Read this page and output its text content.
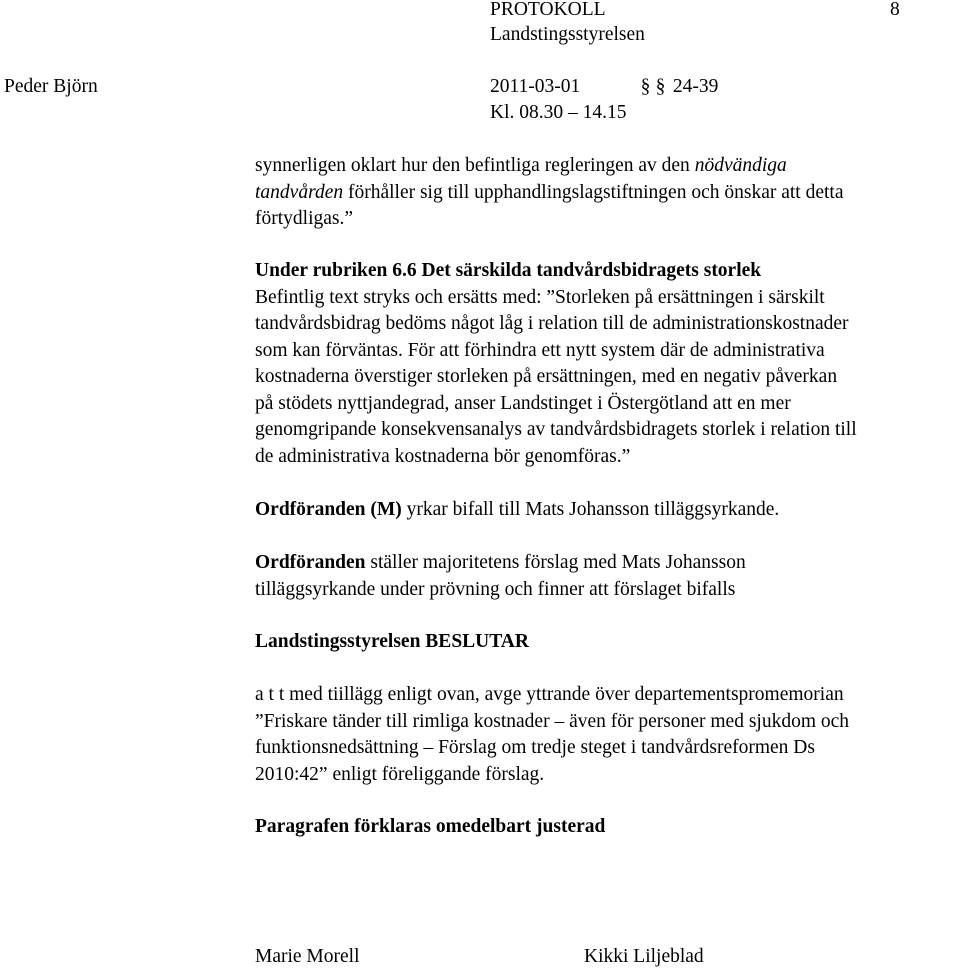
PROTOKOLL	8
Landstingsstyrelsen
Peder Björn	2011-03-01	§ § 24-39
Kl. 08.30 – 14.15
synnerligen oklart hur den befintliga regleringen av den nödvändiga
tandvården förhåller sig till upphandlingslagstiftningen och önskar att detta
förtydligas.”
Under rubriken 6.6 Det särskilda tandvårdsbidragets storlek
Befintlig text stryks och ersätts med: ”Storleken på ersättningen i särskilt
tandvårdsbidrag bedöms något låg i relation till de administrationskostnader
som kan förväntas. För att förhindra ett nytt system där de administrativa
kostnaderna överstiger storleken på ersättningen, med en negativ påverkan
på stödets nyttjandegrad, anser Landstinget i Östergötland att en mer
genomgripande konsekvensanalys av tandvårdsbidragets storlek i relation till
de administrativa kostnaderna bör genomföras.”
Ordföranden (M) yrkar bifall till Mats Johansson tilläggsyrkande.
Ordföranden ställer majoritetens förslag med Mats Johansson
tilläggsyrkande under prövning och finner att förslaget bifalls
Landstingsstyrelsen BESLUTAR
a t t med tiillägg enligt ovan, avge yttrande över departementspromemorian
”Friskare tänder till rimliga kostnader – även för personer med sjukdom och
funktionsnedsättning – Förslag om tredje steget i tandvårdsreformen Ds
2010:42” enligt föreliggande förslag.
Paragrafen förklaras omedelbart justerad
Marie Morell	Kikki Liljeblad
